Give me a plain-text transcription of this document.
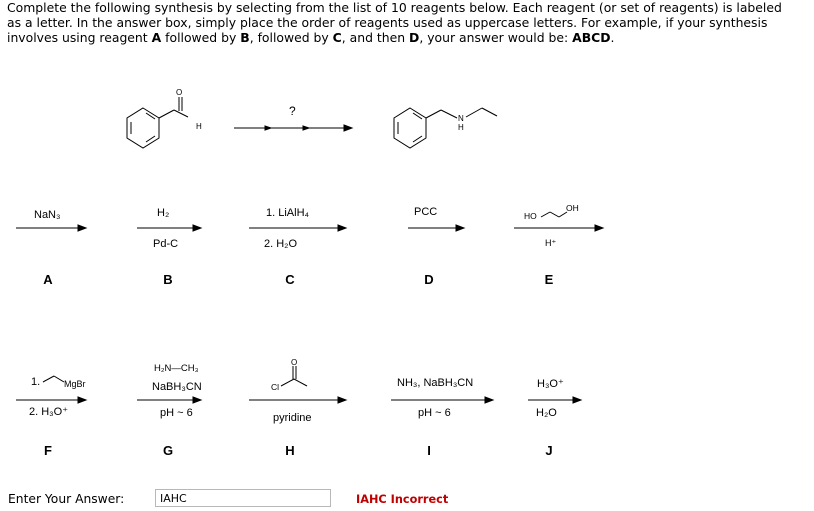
Complete the following synthesis by selecting from the list of 10 reagents below. Each reagent (or set of reagents) is labeled
as a letter. In the answer box, simply place the order of reagents used as uppercase letters. For example, if your synthesis
involves using reagent A followed by B, followed by C, and then D, your answer would be: ABCD.
O
H
N
H
O
?
NaN₃	H₂
Pd-C
1. LiAlH₄
2. H₂O
PCC	HO
OH
H⁺
A	B	C	D	E
1.	MgBr
2. H₃O⁺
H₂N—CH₃
NaBH₃CN
pH ~ 6
Cl
pyridine
NH₃, NaBH₃CN
pH ~ 6
H₃O⁺
H₂O
F	G	H	I	J
Enter Your Answer:
IAHC	IAHC Incorrect
